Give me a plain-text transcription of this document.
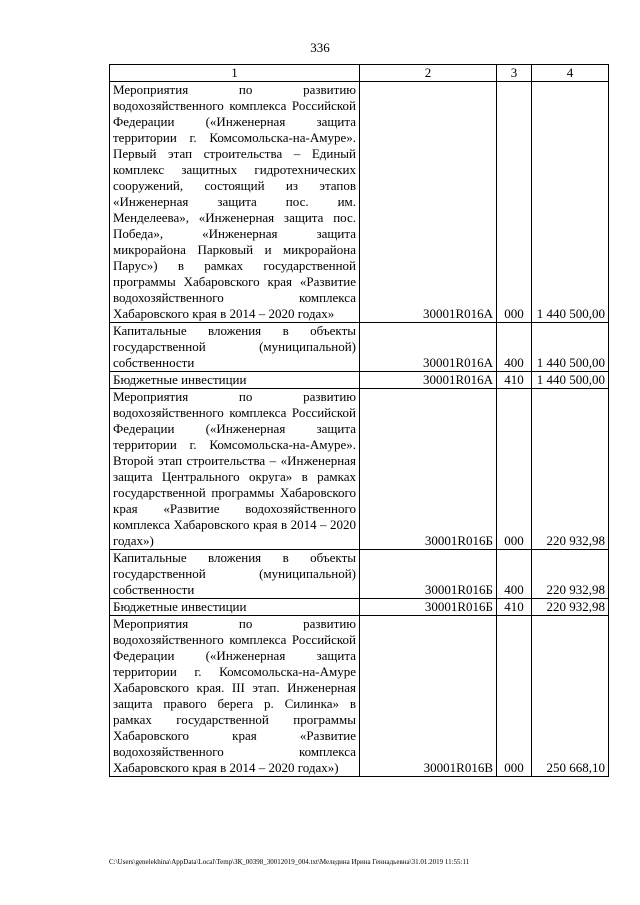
336
1	2	3	4

Мероприятия по развитию водохозяйственного комплекса Российской Федерации («Инженерная защита территории г. Комсомольска-на-Амуре». Первый этап строительства – Единый комплекс защитных гидротехнических сооружений, состоящий из этапов «Инженерная защита пос. им. Менделеева», «Инженерная защита пос. Победа», «Инженерная защита микрорайона Парковый и микрорайона Парус») в рамках государственной программы Хабаровского края «Развитие водохозяйственного комплекса Хабаровского края в 2014 – 2020 годах»	30001R016А	000	1 440 500,00

Капитальные вложения в объекты государственной (муниципальной) собственности	30001R016А	400	1 440 500,00

Бюджетные инвестиции	30001R016А	410	1 440 500,00

Мероприятия по развитию водохозяйственного комплекса Российской Федерации («Инженерная защита территории г. Комсомольска-на-Амуре». Второй этап строительства – «Инженерная защита Центрального округа» в рамках государственной программы Хабаровского края «Развитие водохозяйственного комплекса Хабаровского края в 2014 – 2020 годах»)	30001R016Б	000	220 932,98

Капитальные вложения в объекты государственной (муниципальной) собственности	30001R016Б	400	220 932,98

Бюджетные инвестиции	30001R016Б	410	220 932,98

Мероприятия по развитию водохозяйственного комплекса Российской Федерации («Инженерная защита территории г. Комсомольска-на-Амуре Хабаровского края. III этап. Инженерная защита правого берега р. Силинка» в рамках государственной программы Хабаровского края «Развитие водохозяйственного комплекса Хабаровского края в 2014 – 2020 годах»)	30001R016В	000	250 668,10
C:\Users\genelekhina\AppData\Local\Temp\ЗК_00398_30012019_004.txt\Меледина Ирина Геннадьевна\31.01.2019 11:55:11
